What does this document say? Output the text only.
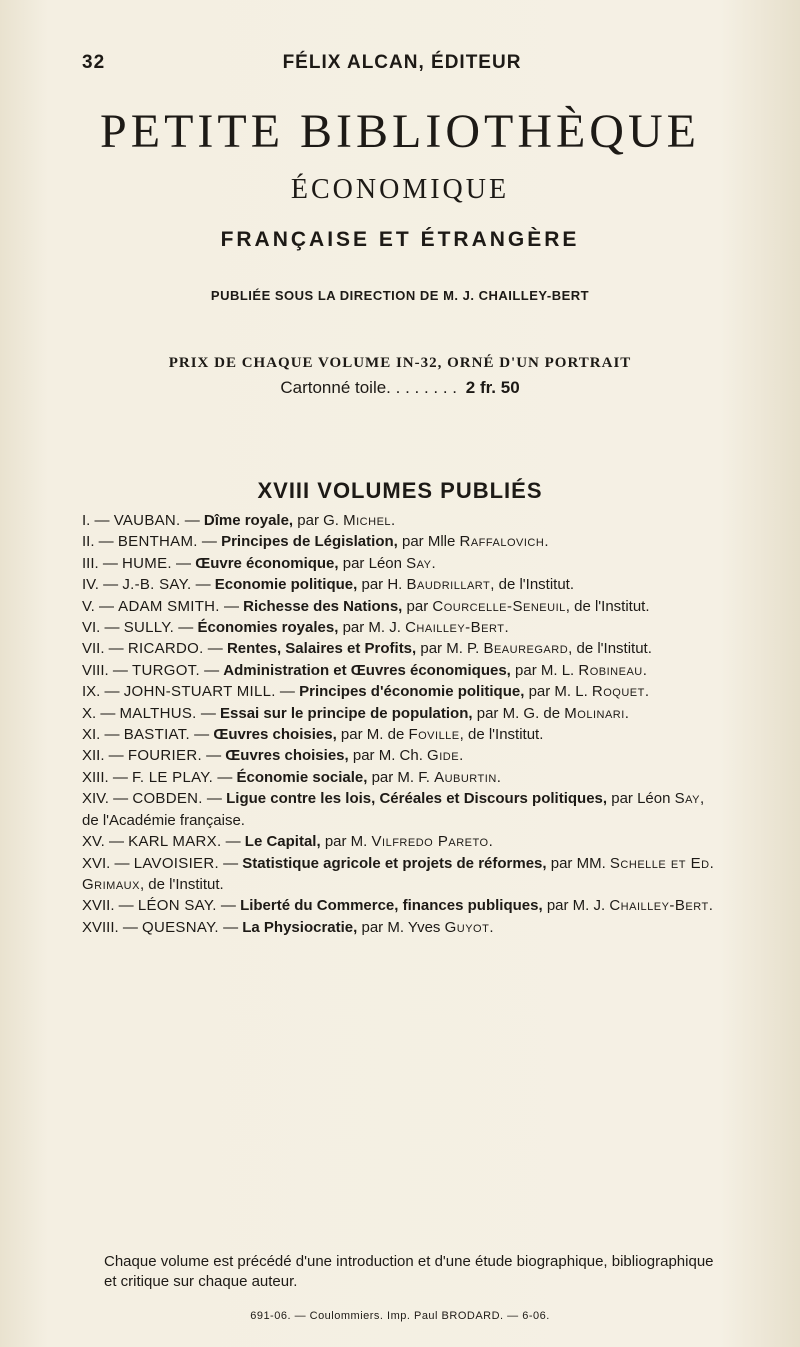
32	FÉLIX ALCAN, ÉDITEUR
PETITE BIBLIOTHÈQUE
ÉCONOMIQUE
FRANÇAISE ET ÉTRANGÈRE
PUBLIÉE SOUS LA DIRECTION DE M. J. CHAILLEY-BERT
PRIX DE CHAQUE VOLUME IN-32, ORNÉ D'UN PORTRAIT
Cartonné toile. . . . . . . . 2 fr. 50
XVIII VOLUMES PUBLIÉS
I. — VAUBAN. — Dîme royale, par G. Michel.
II. — BENTHAM. — Principes de Législation, par Mlle Raffalovich.
III. — HUME. — Œuvre économique, par Léon Say.
IV. — J.-B. SAY. — Economie politique, par H. Baudrillart, de l'Institut.
V. — ADAM SMITH. — Richesse des Nations, par Courcelle-Seneuil, de l'Institut.
VI. — SULLY. — Économies royales, par M. J. Chailley-Bert.
VII. — RICARDO. — Rentes, Salaires et Profits, par M. P. Beauregard, de l'Institut.
VIII. — TURGOT. — Administration et Œuvres économiques, par M. L. Robineau.
IX. — JOHN-STUART MILL. — Principes d'économie politique, par M. L. Roquet.
X. — MALTHUS. — Essai sur le principe de population, par M. G. de Molinari.
XI. — BASTIAT. — Œuvres choisies, par M. de Foville, de l'Institut.
XII. — FOURIER. — Œuvres choisies, par M. Ch. Gide.
XIII. — F. LE PLAY. — Économie sociale, par M. F. Auburtin.
XIV. — COBDEN. — Ligue contre les lois, Céréales et Discours politiques, par Léon Say, de l'Académie française.
XV. — KARL MARX. — Le Capital, par M. Vilfredo Pareto.
XVI. — LAVOISIER. — Statistique agricole et projets de réformes, par MM. Schelle et Ed. Grimaux, de l'Institut.
XVII. — LÉON SAY. — Liberté du Commerce, finances publiques, par M. J. Chailley-Bert.
XVIII. — QUESNAY. — La Physiocratie, par M. Yves Guyot.
Chaque volume est précédé d'une introduction et d'une étude biographique, bibliographique et critique sur chaque auteur.
691-06. — Coulommiers. Imp. Paul BRODARD. — 6-06.
